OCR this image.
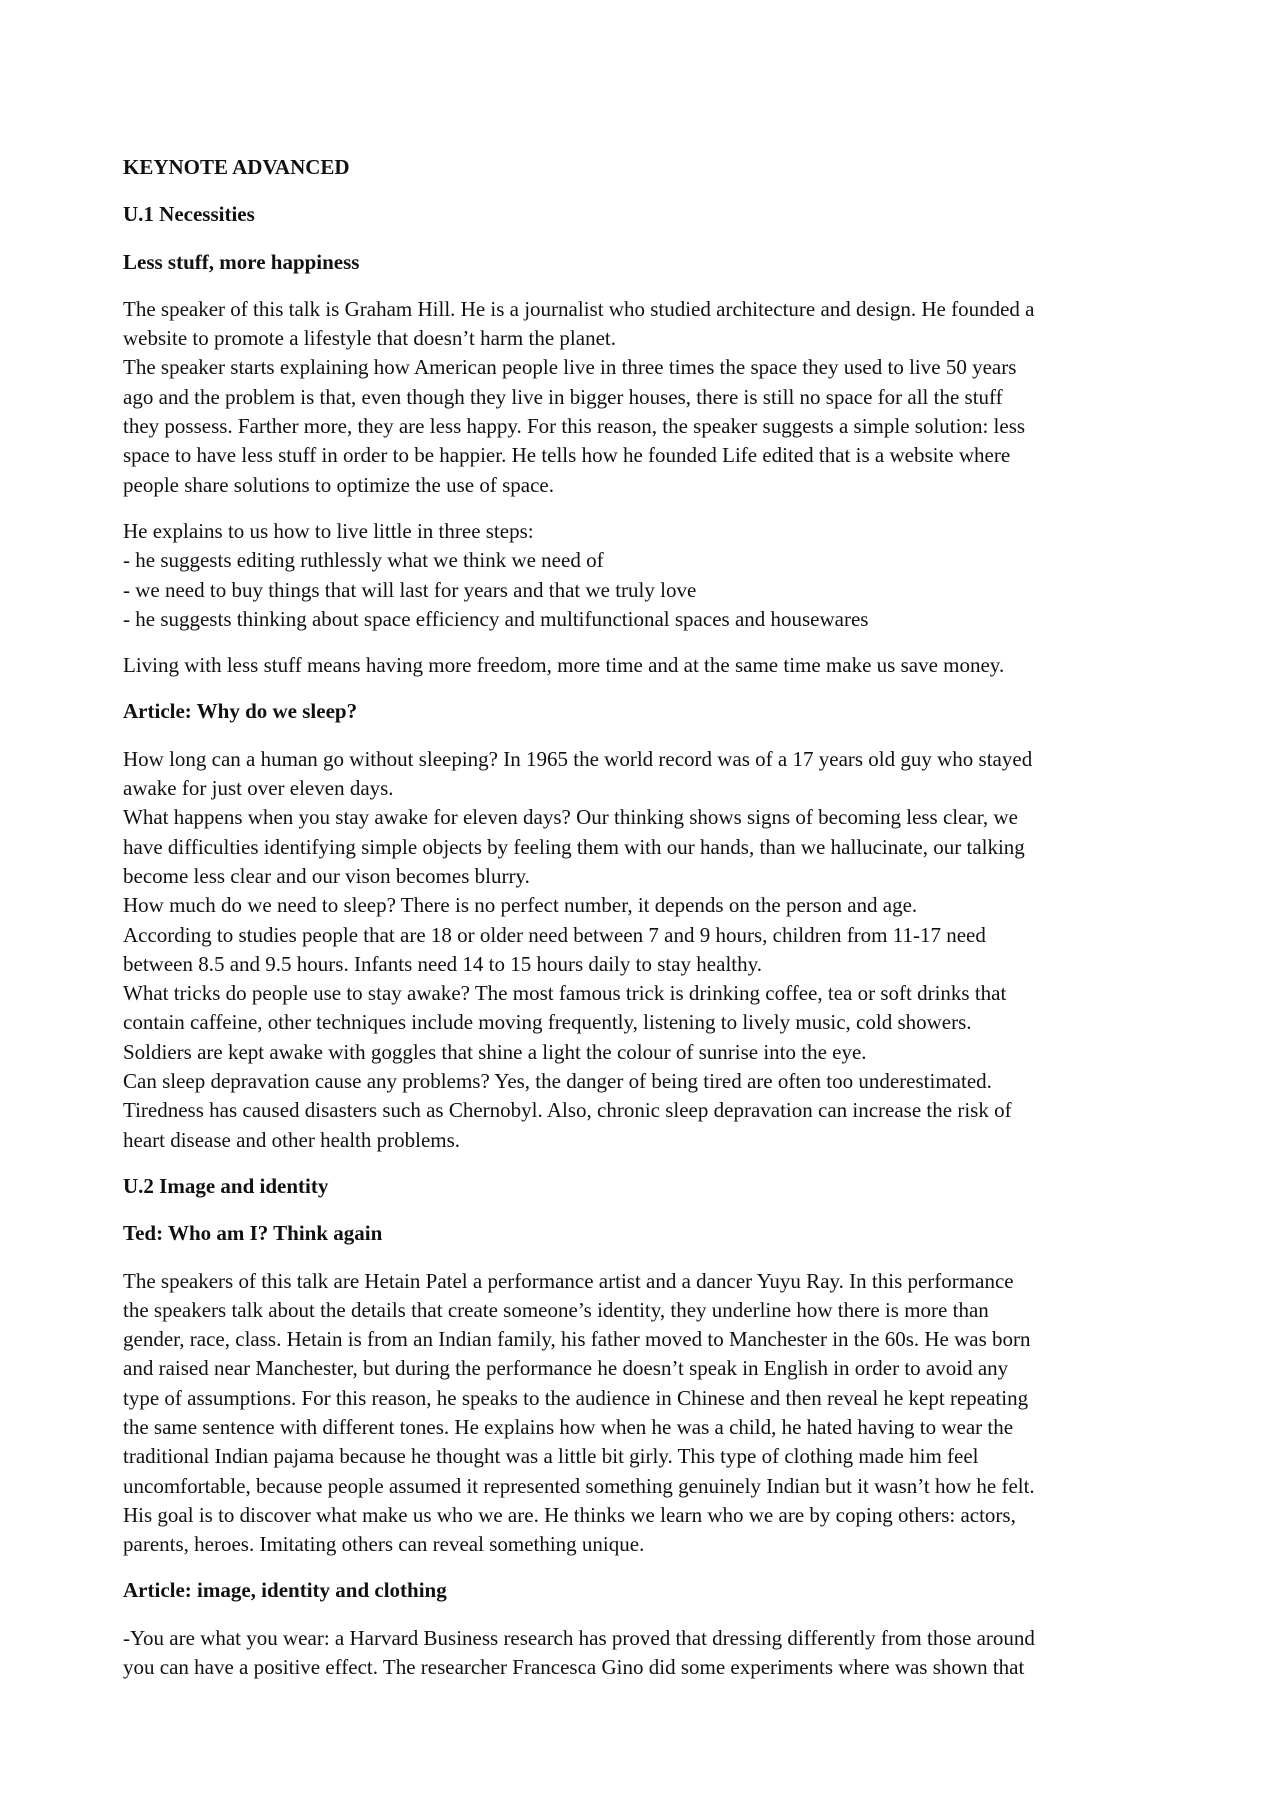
KEYNOTE ADVANCED
U.1 Necessities
Less stuff, more happiness
The speaker of this talk is Graham Hill. He is a journalist who studied architecture and design. He founded a
website to promote a lifestyle that doesn’t harm the planet.
The speaker starts explaining how American people live in three times the space they used to live 50 years
ago and the problem is that, even though they live in bigger houses, there is still no space for all the stuff
they possess. Farther more, they are less happy. For this reason, the speaker suggests a simple solution: less
space to have less stuff in order to be happier. He tells how he founded Life edited that is a website where
people share solutions to optimize the use of space.
He explains to us how to live little in three steps:
- he suggests editing ruthlessly what we think we need of
- we need to buy things that will last for years and that we truly love
- he suggests thinking about space efficiency and multifunctional spaces and housewares
Living with less stuff means having more freedom, more time and at the same time make us save money.
Article: Why do we sleep?
How long can a human go without sleeping? In 1965 the world record was of a 17 years old guy who stayed
awake for just over eleven days.
What happens when you stay awake for eleven days? Our thinking shows signs of becoming less clear, we
have difficulties identifying simple objects by feeling them with our hands, than we hallucinate, our talking
become less clear and our vison becomes blurry.
How much do we need to sleep? There is no perfect number, it depends on the person and age.
According to studies people that are 18 or older need between 7 and 9 hours, children from 11-17 need
between 8.5 and 9.5 hours. Infants need 14 to 15 hours daily to stay healthy.
What tricks do people use to stay awake? The most famous trick is drinking coffee, tea or soft drinks that
contain caffeine, other techniques include moving frequently, listening to lively music, cold showers.
Soldiers are kept awake with goggles that shine a light the colour of sunrise into the eye.
Can sleep depravation cause any problems? Yes, the danger of being tired are often too underestimated.
Tiredness has caused disasters such as Chernobyl. Also, chronic sleep depravation can increase the risk of
heart disease and other health problems.
U.2 Image and identity
Ted: Who am I? Think again
The speakers of this talk are Hetain Patel a performance artist and a dancer Yuyu Ray. In this performance
the speakers talk about the details that create someone’s identity, they underline how there is more than
gender, race, class. Hetain is from an Indian family, his father moved to Manchester in the 60s. He was born
and raised near Manchester, but during the performance he doesn’t speak in English in order to avoid any
type of assumptions. For this reason, he speaks to the audience in Chinese and then reveal he kept repeating
the same sentence with different tones. He explains how when he was a child, he hated having to wear the
traditional Indian pajama because he thought was a little bit girly. This type of clothing made him feel
uncomfortable, because people assumed it represented something genuinely Indian but it wasn’t how he felt.
His goal is to discover what make us who we are. He thinks we learn who we are by coping others: actors,
parents, heroes. Imitating others can reveal something unique.
Article: image, identity and clothing
-You are what you wear: a Harvard Business research has proved that dressing differently from those around
you can have a positive effect. The researcher Francesca Gino did some experiments where was shown that
